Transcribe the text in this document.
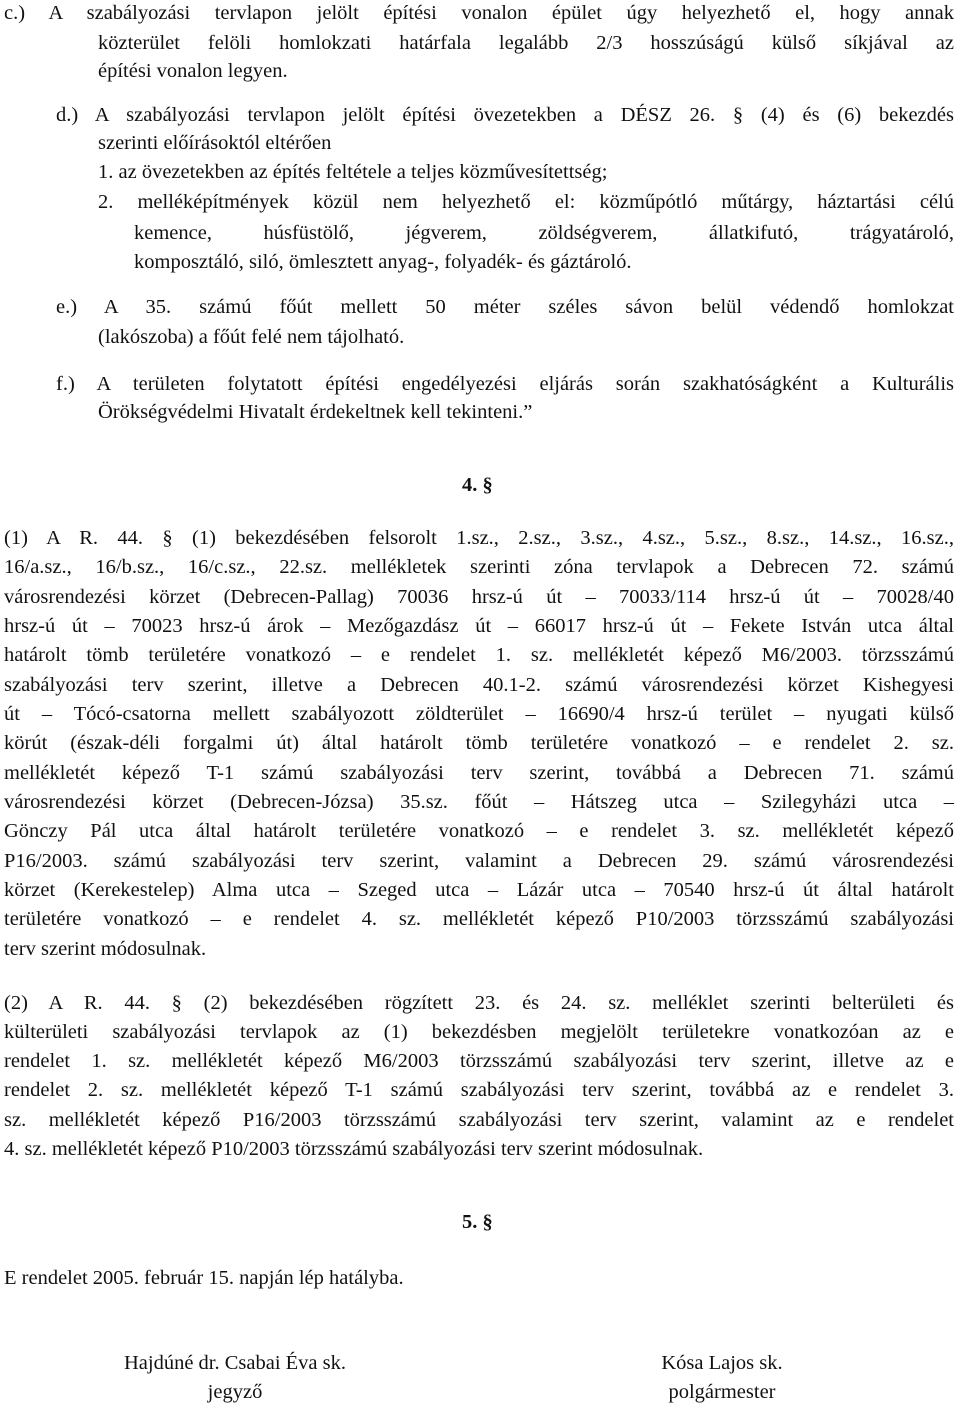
c.) A szabályozási tervlapon jelölt építési vonalon épület úgy helyezhető el, hogy annak
közterület felöli homlokzati határfala legalább 2/3 hosszúságú külső síkjával az
építési vonalon legyen.
d.) A szabályozási tervlapon jelölt építési övezetekben a DÉSZ 26. § (4) és (6) bekezdés
szerinti előírásoktól eltérően
1. az övezetekben az építés feltétele a teljes közművesítettség;
2. melléképítmények közül nem helyezhető el: közműpótló műtárgy, háztartási célú
kemence, húsfüstölő, jégverem, zöldségverem, állatkifutó, trágyatároló,
komposztáló, siló, ömlesztett anyag-, folyadék- és gáztároló.
e.) A 35. számú főút mellett 50 méter széles sávon belül védendő homlokzat
(lakószoba) a főút felé nem tájolható.
f.) A területen folytatott építési engedélyezési eljárás során szakhatóságként a Kulturális
Örökségvédelmi Hivatalt érdekeltnek kell tekinteni.”
4. §
(1) A R. 44. § (1) bekezdésében felsorolt 1.sz., 2.sz., 3.sz., 4.sz., 5.sz., 8.sz., 14.sz., 16.sz.,
16/a.sz., 16/b.sz., 16/c.sz., 22.sz. mellékletek szerinti zóna tervlapok a Debrecen 72. számú
városrendezési körzet (Debrecen-Pallag) 70036 hrsz-ú út – 70033/114 hrsz-ú út – 70028/40
hrsz-ú út – 70023 hrsz-ú árok – Mezőgazdász út – 66017 hrsz-ú út – Fekete István utca által
határolt tömb területére vonatkozó – e rendelet 1. sz. mellékletét képező M6/2003. törzsszámú
szabályozási terv szerint, illetve a Debrecen 40.1-2. számú városrendezési körzet Kishegyesi
út – Tócó-csatorna mellett szabályozott zöldterület – 16690/4 hrsz-ú terület – nyugati külső
körút (észak-déli forgalmi út) által határolt tömb területére vonatkozó – e rendelet 2. sz.
mellékletét képező T-1 számú szabályozási terv szerint, továbbá a Debrecen 71. számú
városrendezési körzet (Debrecen-Józsa) 35.sz. főút – Hátszeg utca – Szilegyházi utca –
Gönczy Pál utca által határolt területére vonatkozó – e rendelet 3. sz. mellékletét képező
P16/2003. számú szabályozási terv szerint, valamint a Debrecen 29. számú városrendezési
körzet (Kerekestelep) Alma utca – Szeged utca – Lázár utca – 70540 hrsz-ú út által határolt
területére vonatkozó – e rendelet 4. sz. mellékletét képező P10/2003 törzsszámú szabályozási
terv szerint módosulnak.
(2) A R. 44. § (2) bekezdésében rögzített 23. és 24. sz. melléklet szerinti belterületi és
külterületi szabályozási tervlapok az (1) bekezdésben megjelölt területekre vonatkozóan az e
rendelet 1. sz. mellékletét képező M6/2003 törzsszámú szabályozási terv szerint, illetve az e
rendelet 2. sz. mellékletét képező T-1 számú szabályozási terv szerint, továbbá az e rendelet 3.
sz. mellékletét képező P16/2003 törzsszámú szabályozási terv szerint, valamint az e rendelet
4. sz. mellékletét képező P10/2003 törzsszámú szabályozási terv szerint módosulnak.
5. §
E rendelet 2005. február 15. napján lép hatályba.
Hajdúné dr. Csabai Éva sk.
jegyző
Kósa Lajos sk.
polgármester
